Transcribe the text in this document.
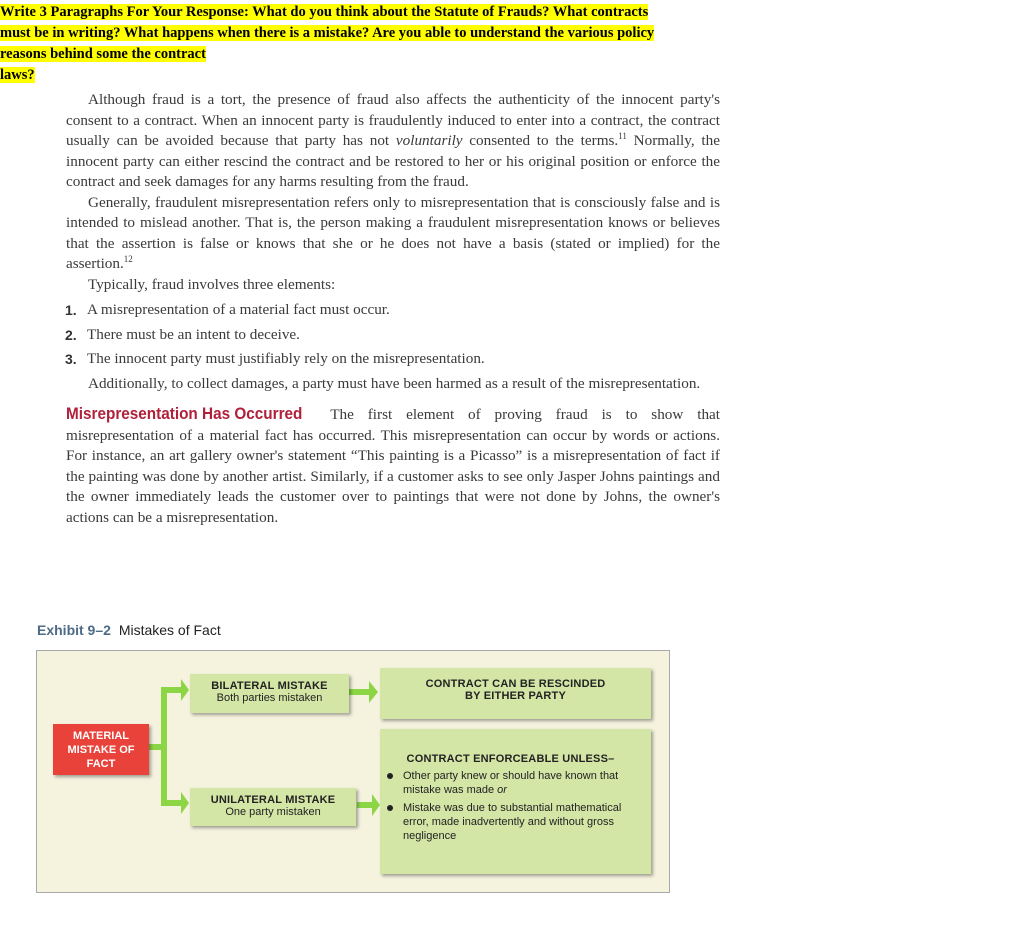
Write 3 Paragraphs For Your Response: What do you think about the Statute of Frauds? What contracts
must be in writing? What happens when there is a mistake? Are you able to understand the various policy
reasons behind some the contract
laws?

Although fraud is a tort, the presence of fraud also affects the authenticity of the innocent party's consent to a contract. When an innocent party is fraudulently induced to enter into a contract, the contract usually can be avoided because that party has not voluntarily consented to the terms.$^{11}$ Normally, the innocent party can either rescind the contract and be restored to her or his original position or enforce the contract and seek damages for any harms resulting from the fraud.

Generally, fraudulent misrepresentation refers only to misrepresentation that is consciously false and is intended to mislead another. That is, the person making a fraudulent misrepresentation knows or believes that the assertion is false or knows that she or he does not have a basis (stated or implied) for the assertion.$^{12}$

Typically, fraud involves three elements:

1. A misrepresentation of a material fact must occur.
2. There must be an intent to deceive.
3. The innocent party must justifiably rely on the misrepresentation.

Additionally, to collect damages, a party must have been harmed as a result of the misrepresentation.

Misrepresentation Has Occurred The first element of proving fraud is to show that misrepresentation of a material fact has occurred. This misrepresentation can occur by words or actions. For instance, an art gallery owner's statement “This painting is a Picasso” is a misrepresentation of fact if the painting was done by another artist. Similarly, if a customer asks to see only Jasper Johns paintings and the owner immediately leads the customer over to paintings that were not done by Johns, the owner's actions can be a misrepresentation.

Exhibit 9–2 Mistakes of Fact
MATERIAL MISTAKE OF FACT
BILATERAL MISTAKE
Both parties mistaken
UNILATERAL MISTAKE
One party mistaken
CONTRACT CAN BE RESCINDED
BY EITHER PARTY
CONTRACT ENFORCEABLE UNLESS–
Other party knew or should have known that mistake was made or
Mistake was due to substantial mathematical error, made inadvertently and without gross negligence
